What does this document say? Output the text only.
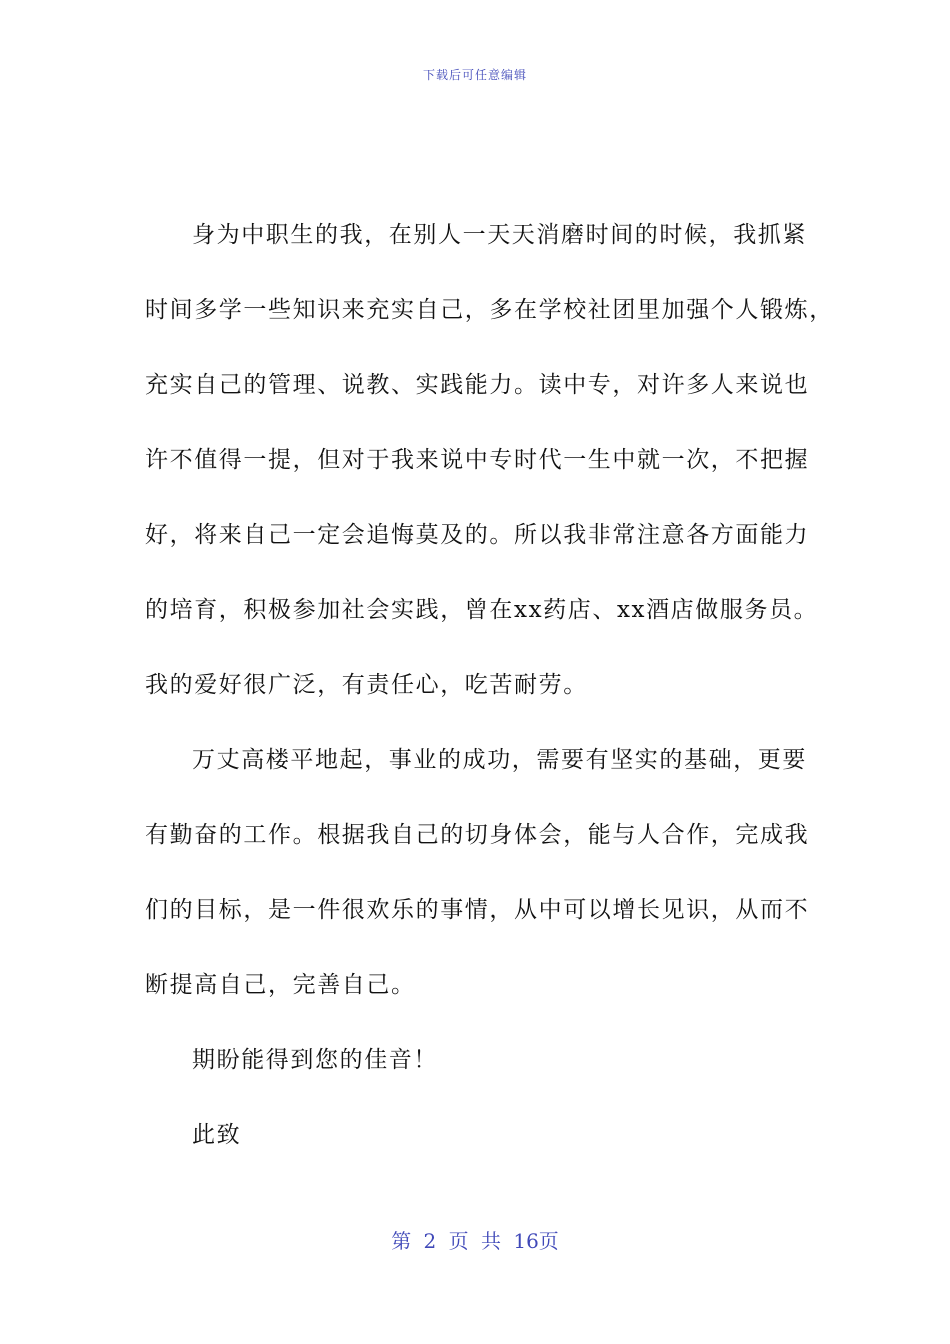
下载后可任意编辑
身为中职生的我，在别人一天天消磨时间的时候，我抓紧
时间多学一些知识来充实自己，多在学校社团里加强个人锻炼，
充实自己的管理、说教、实践能力。读中专，对许多人来说也
许不值得一提，但对于我来说中专时代一生中就一次，不把握
好，将来自己一定会追悔莫及的。所以我非常注意各方面能力
的培育，积极参加社会实践，曾在xx药店、xx酒店做服务员。
我的爱好很广泛，有责任心，吃苦耐劳。
万丈高楼平地起，事业的成功，需要有坚实的基础，更要
有勤奋的工作。根据我自己的切身体会，能与人合作，完成我
们的目标，是一件很欢乐的事情，从中可以增长见识，从而不
断提高自己，完善自己。
期盼能得到您的佳音！
此致
第 2 页 共 16页
